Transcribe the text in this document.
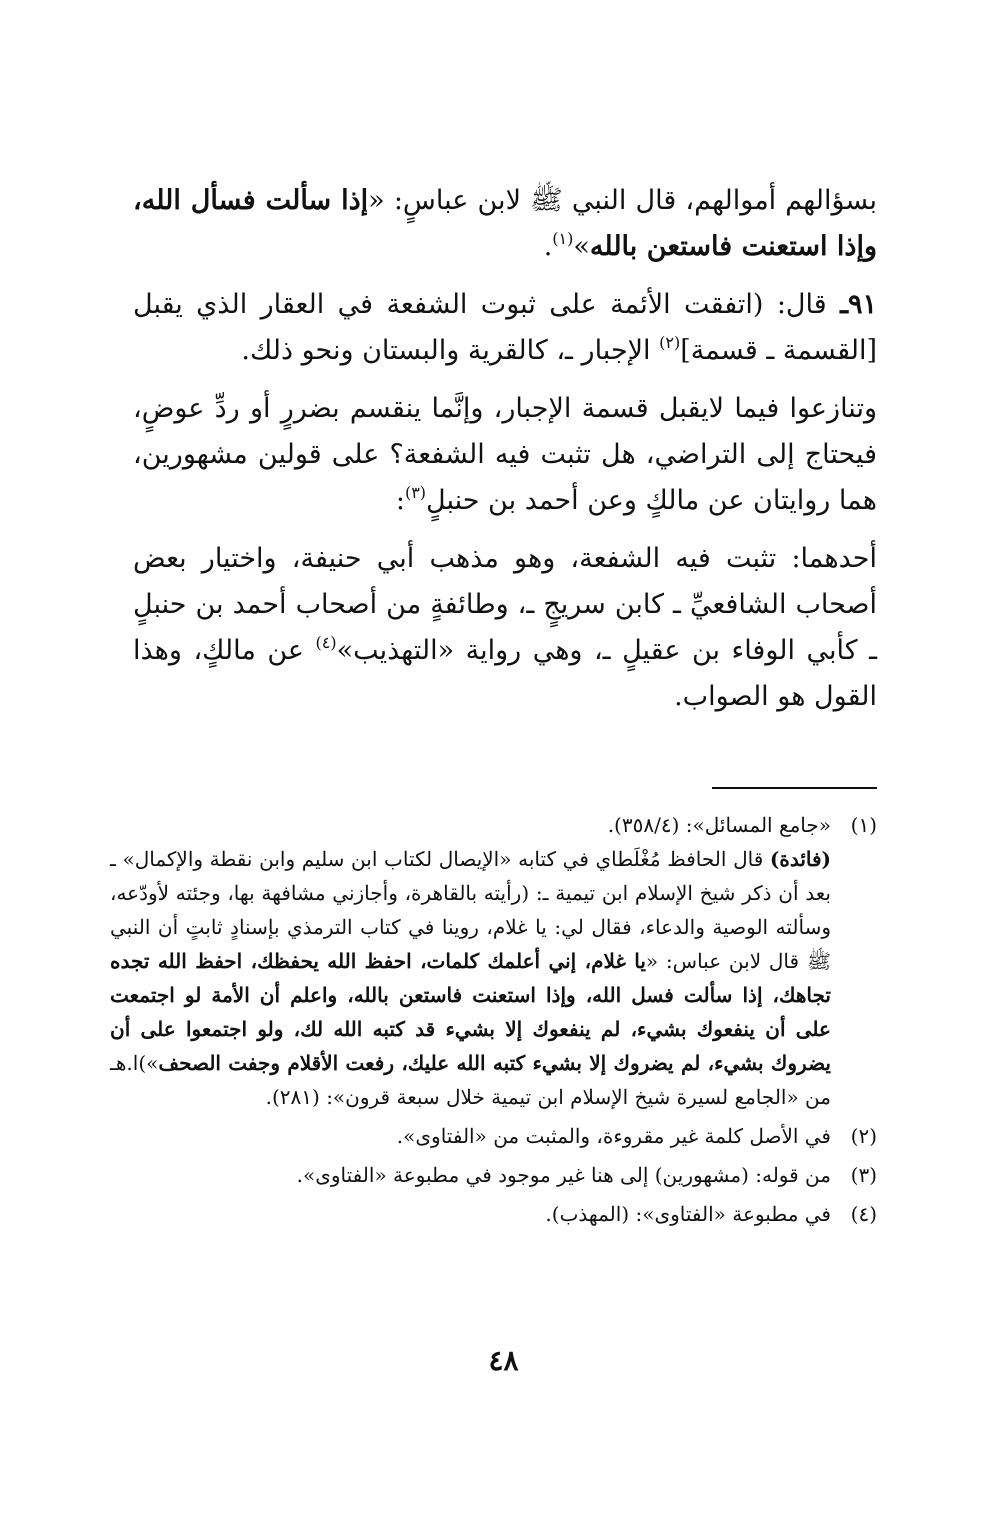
بسؤالهم أموالهم، قال النبي ﷺ لابن عباسٍ: «إذا سألت فسأل الله، وإذا استعنت فاستعن بالله»$^{(١)}$.

٩١ـ قال: (اتفقت الأئمة على ثبوت الشفعة في العقار الذي يقبل [القسمة ـ قسمة]$^{(٢)}$ الإجبار ـ، كالقرية والبستان ونحو ذلك.

وتنازعوا فيما لايقبل قسمة الإجبار، وإنَّما ينقسم بضررٍ أو ردِّ عوضٍ، فيحتاج إلى التراضي، هل تثبت فيه الشفعة؟ على قولين مشهورين، هما روايتان عن مالكٍ وعن أحمد بن حنبلٍ$^{(٣)}$:

أحدهما: تثبت فيه الشفعة، وهو مذهب أبي حنيفة، واختيار بعض أصحاب الشافعيِّ ـ كابن سريجٍ ـ، وطائفةٍ من أصحاب أحمد بن حنبلٍ ـ كأبي الوفاء بن عقيلٍ ـ، وهي رواية «التهذيب»$^{(٤)}$ عن مالكٍ، وهذا القول هو الصواب.

(١)

«جامع المسائل»: (٣٥٨/٤).

(فائدة) قال الحافظ مُغْلَطاي في كتابه «الإيصال لكتاب ابن سليم وابن نقطة والإكمال» ـ بعد أن ذكر شيخ الإسلام ابن تيمية ـ: (رأيته بالقاهرة، وأجازني مشافهة بها، وجئته لأودّعه، وسألته الوصية والدعاء، فقال لي: يا غلام، روينا في كتاب الترمذي بإسنادٍ ثابتٍ أن النبي ﷺ قال لابن عباس: «يا غلام، إني أعلمك كلمات، احفظ الله يحفظك، احفظ الله تجده تجاهك، إذا سألت فسل الله، وإذا استعنت فاستعن بالله، واعلم أن الأمة لو اجتمعت على أن ينفعوك بشيء، لم ينفعوك إلا بشيء قد كتبه الله لك، ولو اجتمعوا على أن يضروك بشيء، لم يضروك إلا بشيء كتبه الله عليك، رفعت الأقلام وجفت الصحف»)ا.هـ من «الجامع لسيرة شيخ الإسلام ابن تيمية خلال سبعة قرون»: (٢٨١).

(٢)
في الأصل كلمة غير مقروءة، والمثبت من «الفتاوى».
(٣)
من قوله: (مشهورين) إلى هنا غير موجود في مطبوعة «الفتاوى».
(٤)
في مطبوعة «الفتاوى»: (المهذب).
٤٨
